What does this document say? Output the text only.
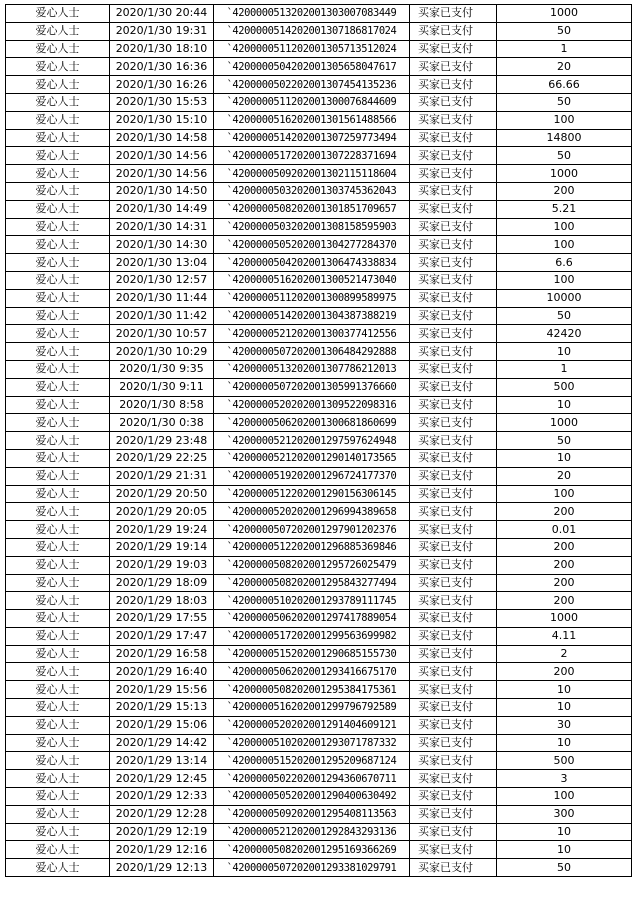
爱心人士	2020/1/30 20:44	`4200000513202001303007083449	买家已支付	1000
爱心人士	2020/1/30 19:31	`4200000514202001307186817024	买家已支付	50
爱心人士	2020/1/30 18:10	`4200000511202001305713512024	买家已支付	1
爱心人士	2020/1/30 16:36	`4200000504202001305658047617	买家已支付	20
爱心人士	2020/1/30 16:26	`4200000502202001307454135236	买家已支付	66.66
爱心人士	2020/1/30 15:53	`4200000511202001300076844609	买家已支付	50
爱心人士	2020/1/30 15:10	`4200000516202001301561488566	买家已支付	100
爱心人士	2020/1/30 14:58	`4200000514202001307259773494	买家已支付	14800
爱心人士	2020/1/30 14:56	`4200000517202001307228371694	买家已支付	50
爱心人士	2020/1/30 14:56	`4200000509202001302115118604	买家已支付	1000
爱心人士	2020/1/30 14:50	`4200000503202001303745362043	买家已支付	200
爱心人士	2020/1/30 14:49	`4200000508202001301851709657	买家已支付	5.21
爱心人士	2020/1/30 14:31	`4200000503202001308158595903	买家已支付	100
爱心人士	2020/1/30 14:30	`4200000505202001304277284370	买家已支付	100
爱心人士	2020/1/30 13:04	`4200000504202001306474338834	买家已支付	6.6
爱心人士	2020/1/30 12:57	`4200000516202001300521473040	买家已支付	100
爱心人士	2020/1/30 11:44	`4200000511202001300899589975	买家已支付	10000
爱心人士	2020/1/30 11:42	`4200000514202001304387388219	买家已支付	50
爱心人士	2020/1/30 10:57	`4200000521202001300377412556	买家已支付	42420
爱心人士	2020/1/30 10:29	`4200000507202001306484292888	买家已支付	10
爱心人士	2020/1/30 9:35	`4200000513202001307786212013	买家已支付	1
爱心人士	2020/1/30 9:11	`4200000507202001305991376660	买家已支付	500
爱心人士	2020/1/30 8:58	`4200000520202001309522098316	买家已支付	10
爱心人士	2020/1/30 0:38	`4200000506202001300681860699	买家已支付	1000
爱心人士	2020/1/29 23:48	`4200000521202001297597624948	买家已支付	50
爱心人士	2020/1/29 22:25	`4200000521202001290140173565	买家已支付	10
爱心人士	2020/1/29 21:31	`4200000519202001296724177370	买家已支付	20
爱心人士	2020/1/29 20:50	`4200000512202001290156306145	买家已支付	100
爱心人士	2020/1/29 20:05	`4200000520202001296994389658	买家已支付	200
爱心人士	2020/1/29 19:24	`4200000507202001297901202376	买家已支付	0.01
爱心人士	2020/1/29 19:14	`4200000512202001296885369846	买家已支付	200
爱心人士	2020/1/29 19:03	`4200000508202001295726025479	买家已支付	200
爱心人士	2020/1/29 18:09	`4200000508202001295843277494	买家已支付	200
爱心人士	2020/1/29 18:03	`4200000510202001293789111745	买家已支付	200
爱心人士	2020/1/29 17:55	`4200000506202001297417889054	买家已支付	1000
爱心人士	2020/1/29 17:47	`4200000517202001299563699982	买家已支付	4.11
爱心人士	2020/1/29 16:58	`4200000515202001290685155730	买家已支付	2
爱心人士	2020/1/29 16:40	`4200000506202001293416675170	买家已支付	200
爱心人士	2020/1/29 15:56	`4200000508202001295384175361	买家已支付	10
爱心人士	2020/1/29 15:13	`4200000516202001299796792589	买家已支付	10
爱心人士	2020/1/29 15:06	`4200000520202001291404609121	买家已支付	30
爱心人士	2020/1/29 14:42	`4200000510202001293071787332	买家已支付	10
爱心人士	2020/1/29 13:14	`4200000515202001295209687124	买家已支付	500
爱心人士	2020/1/29 12:45	`4200000502202001294360670711	买家已支付	3
爱心人士	2020/1/29 12:33	`4200000505202001290400630492	买家已支付	100
爱心人士	2020/1/29 12:28	`4200000509202001295408113563	买家已支付	300
爱心人士	2020/1/29 12:19	`4200000521202001292843293136	买家已支付	10
爱心人士	2020/1/29 12:16	`4200000508202001295169366269	买家已支付	10
爱心人士	2020/1/29 12:13	`4200000507202001293381029791	买家已支付	50
